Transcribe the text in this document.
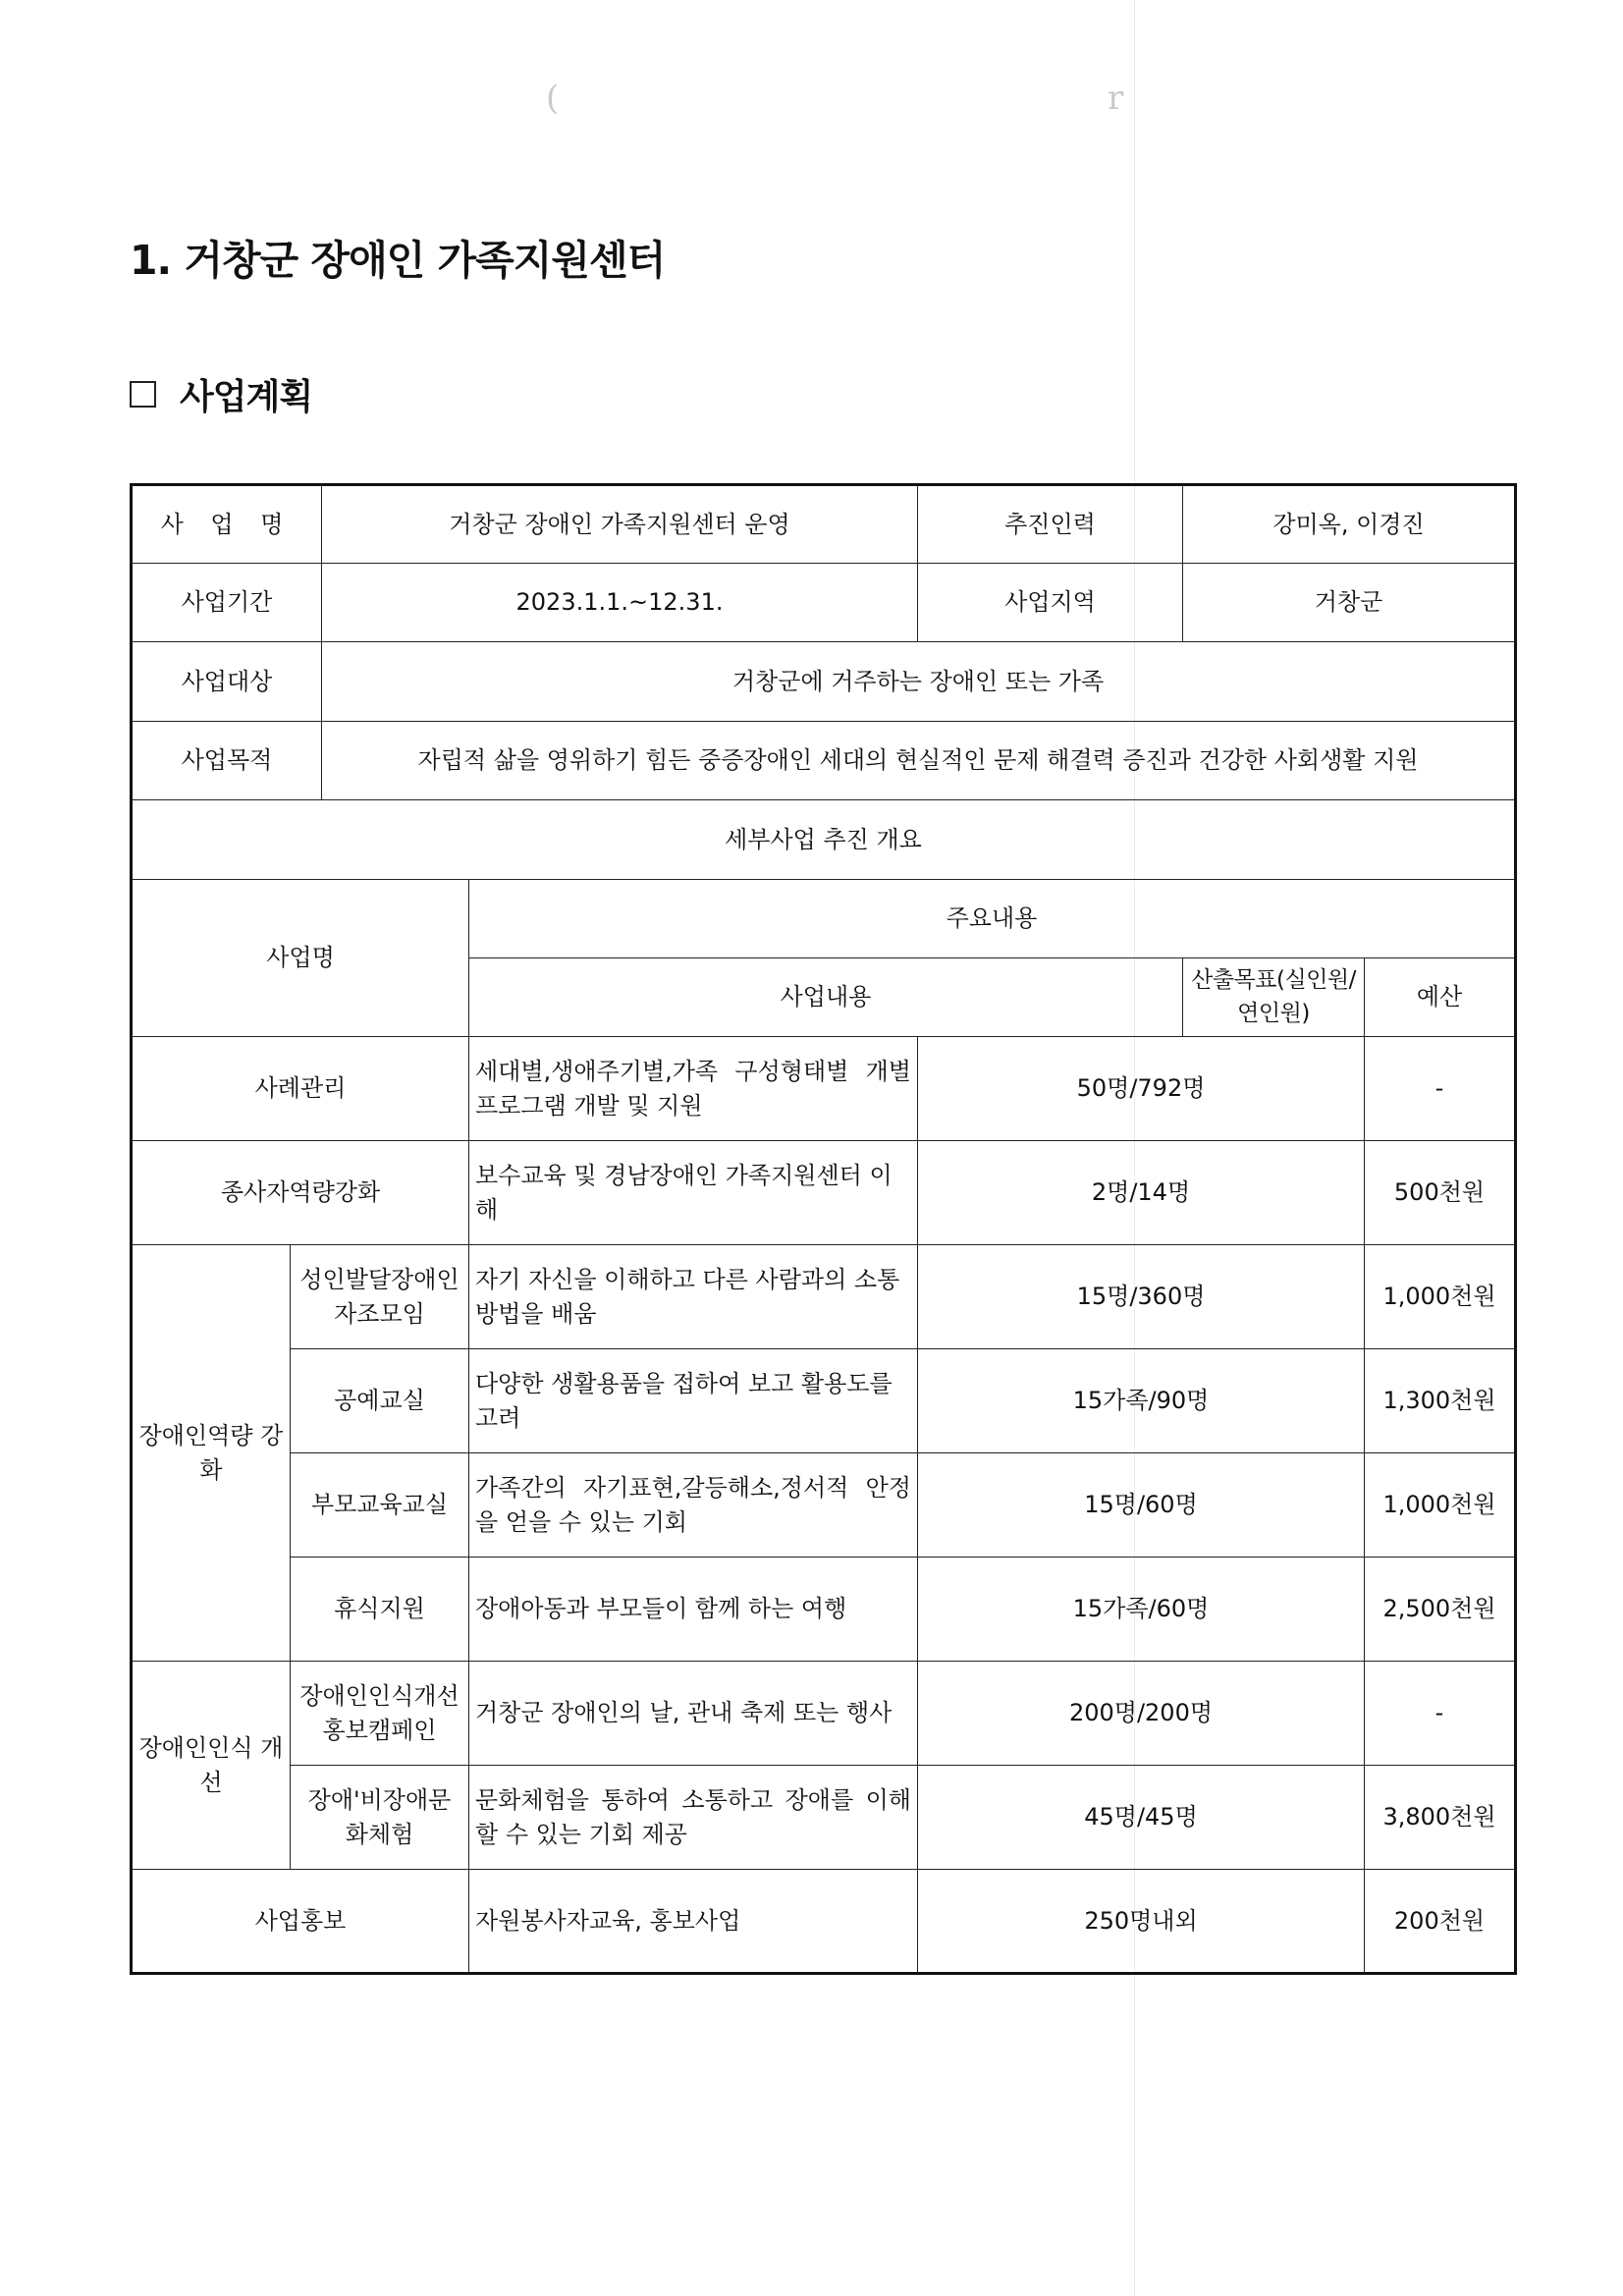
(	r
1. 거창군 장애인 가족지원센터
사업계획
사 업 명		거창군 장애인 가족지원센터 운영		추진인력	강미옥, 이경진	
사업기간		2023.1.1.~12.31.		사업지역	거창군	
사업대상		거창군에 거주하는 장애인 또는 가족				
사업목적		자립적 삶을 영위하기 힘든 중증장애인 세대의 현실적인 문제 해결력 증진과 건강한 사회생활 지원				
세부사업 추진 개요						
사업명			주요내용			
			사업내용		산출목표(실인원/연인원)	예산
사례관리			세대별,생애주기별,가족 구성형태별 개별프로그램 개발 및 지원	50명/792명		-
종사자역량강화			보수교육 및 경남장애인 가족지원센터 이해	2명/14명		500천원
장애인역량 강화	성인발달장애인 자조모임		자기 자신을 이해하고 다른 사람과의 소통방법을 배움	15명/360명		1,000천원
	공예교실		다양한 생활용품을 접하여 보고 활용도를 고려	15가족/90명		1,300천원
	부모교육교실		가족간의 자기표현,갈등해소,정서적 안정을 얻을 수 있는 기회	15명/60명		1,000천원
	휴식지원		장애아동과 부모들이 함께 하는 여행	15가족/60명		2,500천원
장애인인식 개선	장애인인식개선 홍보캠페인		거창군 장애인의 날, 관내 축제 또는 행사	200명/200명		-
	장애'비장애문 화체험		문화체험을 통하여 소통하고 장애를 이해 할 수 있는 기회 제공	45명/45명		3,800천원
사업홍보			자원봉사자교육, 홍보사업	250명내외		200천원
